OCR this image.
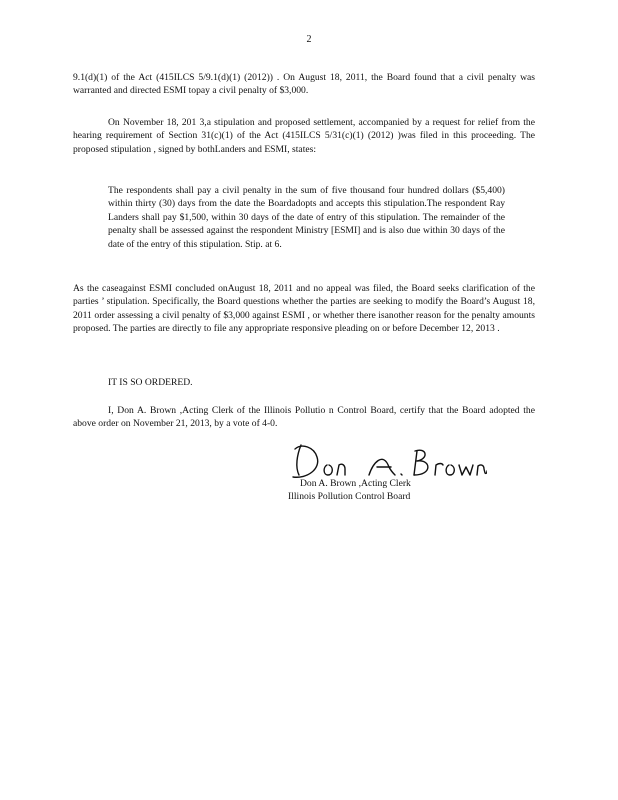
2

9.1(d)(1) of the Act (415ILCS 5/9.1(d)(1) (2012)) . On August 18, 2011, the Board found that a civil penalty was warranted and directed ESMI topay a civil penalty of $3,000.

On November 18, 201 3,a stipulation and proposed settlement, accompanied by a request for relief from the hearing requirement of Section 31(c)(1) of the Act (415ILCS 5/31(c)(1) (2012) )was filed in this proceeding. The proposed stipulation , signed by bothLanders and ESMI, states:

The respondents shall pay a civil penalty in the sum of five thousand four hundred dollars ($5,400) within thirty (30) days from the date the Boardadopts and accepts this stipulation.The respondent Ray Landers shall pay $1,500, within 30 days of the date of entry of this stipulation. The remainder of the penalty shall be assessed against the respondent Ministry [ESMI] and is also due within 30 days of the date of the entry of this stipulation. Stip. at 6.

As the caseagainst ESMI concluded onAugust 18, 2011 and no appeal was filed, the Board seeks clarification of the parties ’ stipulation. Specifically, the Board questions whether the parties are seeking to modify the Board’s August 18, 2011 order assessing a civil penalty of $3,000 against ESMI , or whether there isanother reason for the penalty amounts proposed. The parties are directly to file any appropriate responsive pleading on or before December 12, 2013 .

IT IS SO ORDERED.

I, Don A. Brown ,Acting Clerk of the Illinois Pollutio n Control Board, certify that the Board adopted the above order on November 21, 2013, by a vote of 4-0.

Don A. Brown ,Acting Clerk
Illinois Pollution Control Board
